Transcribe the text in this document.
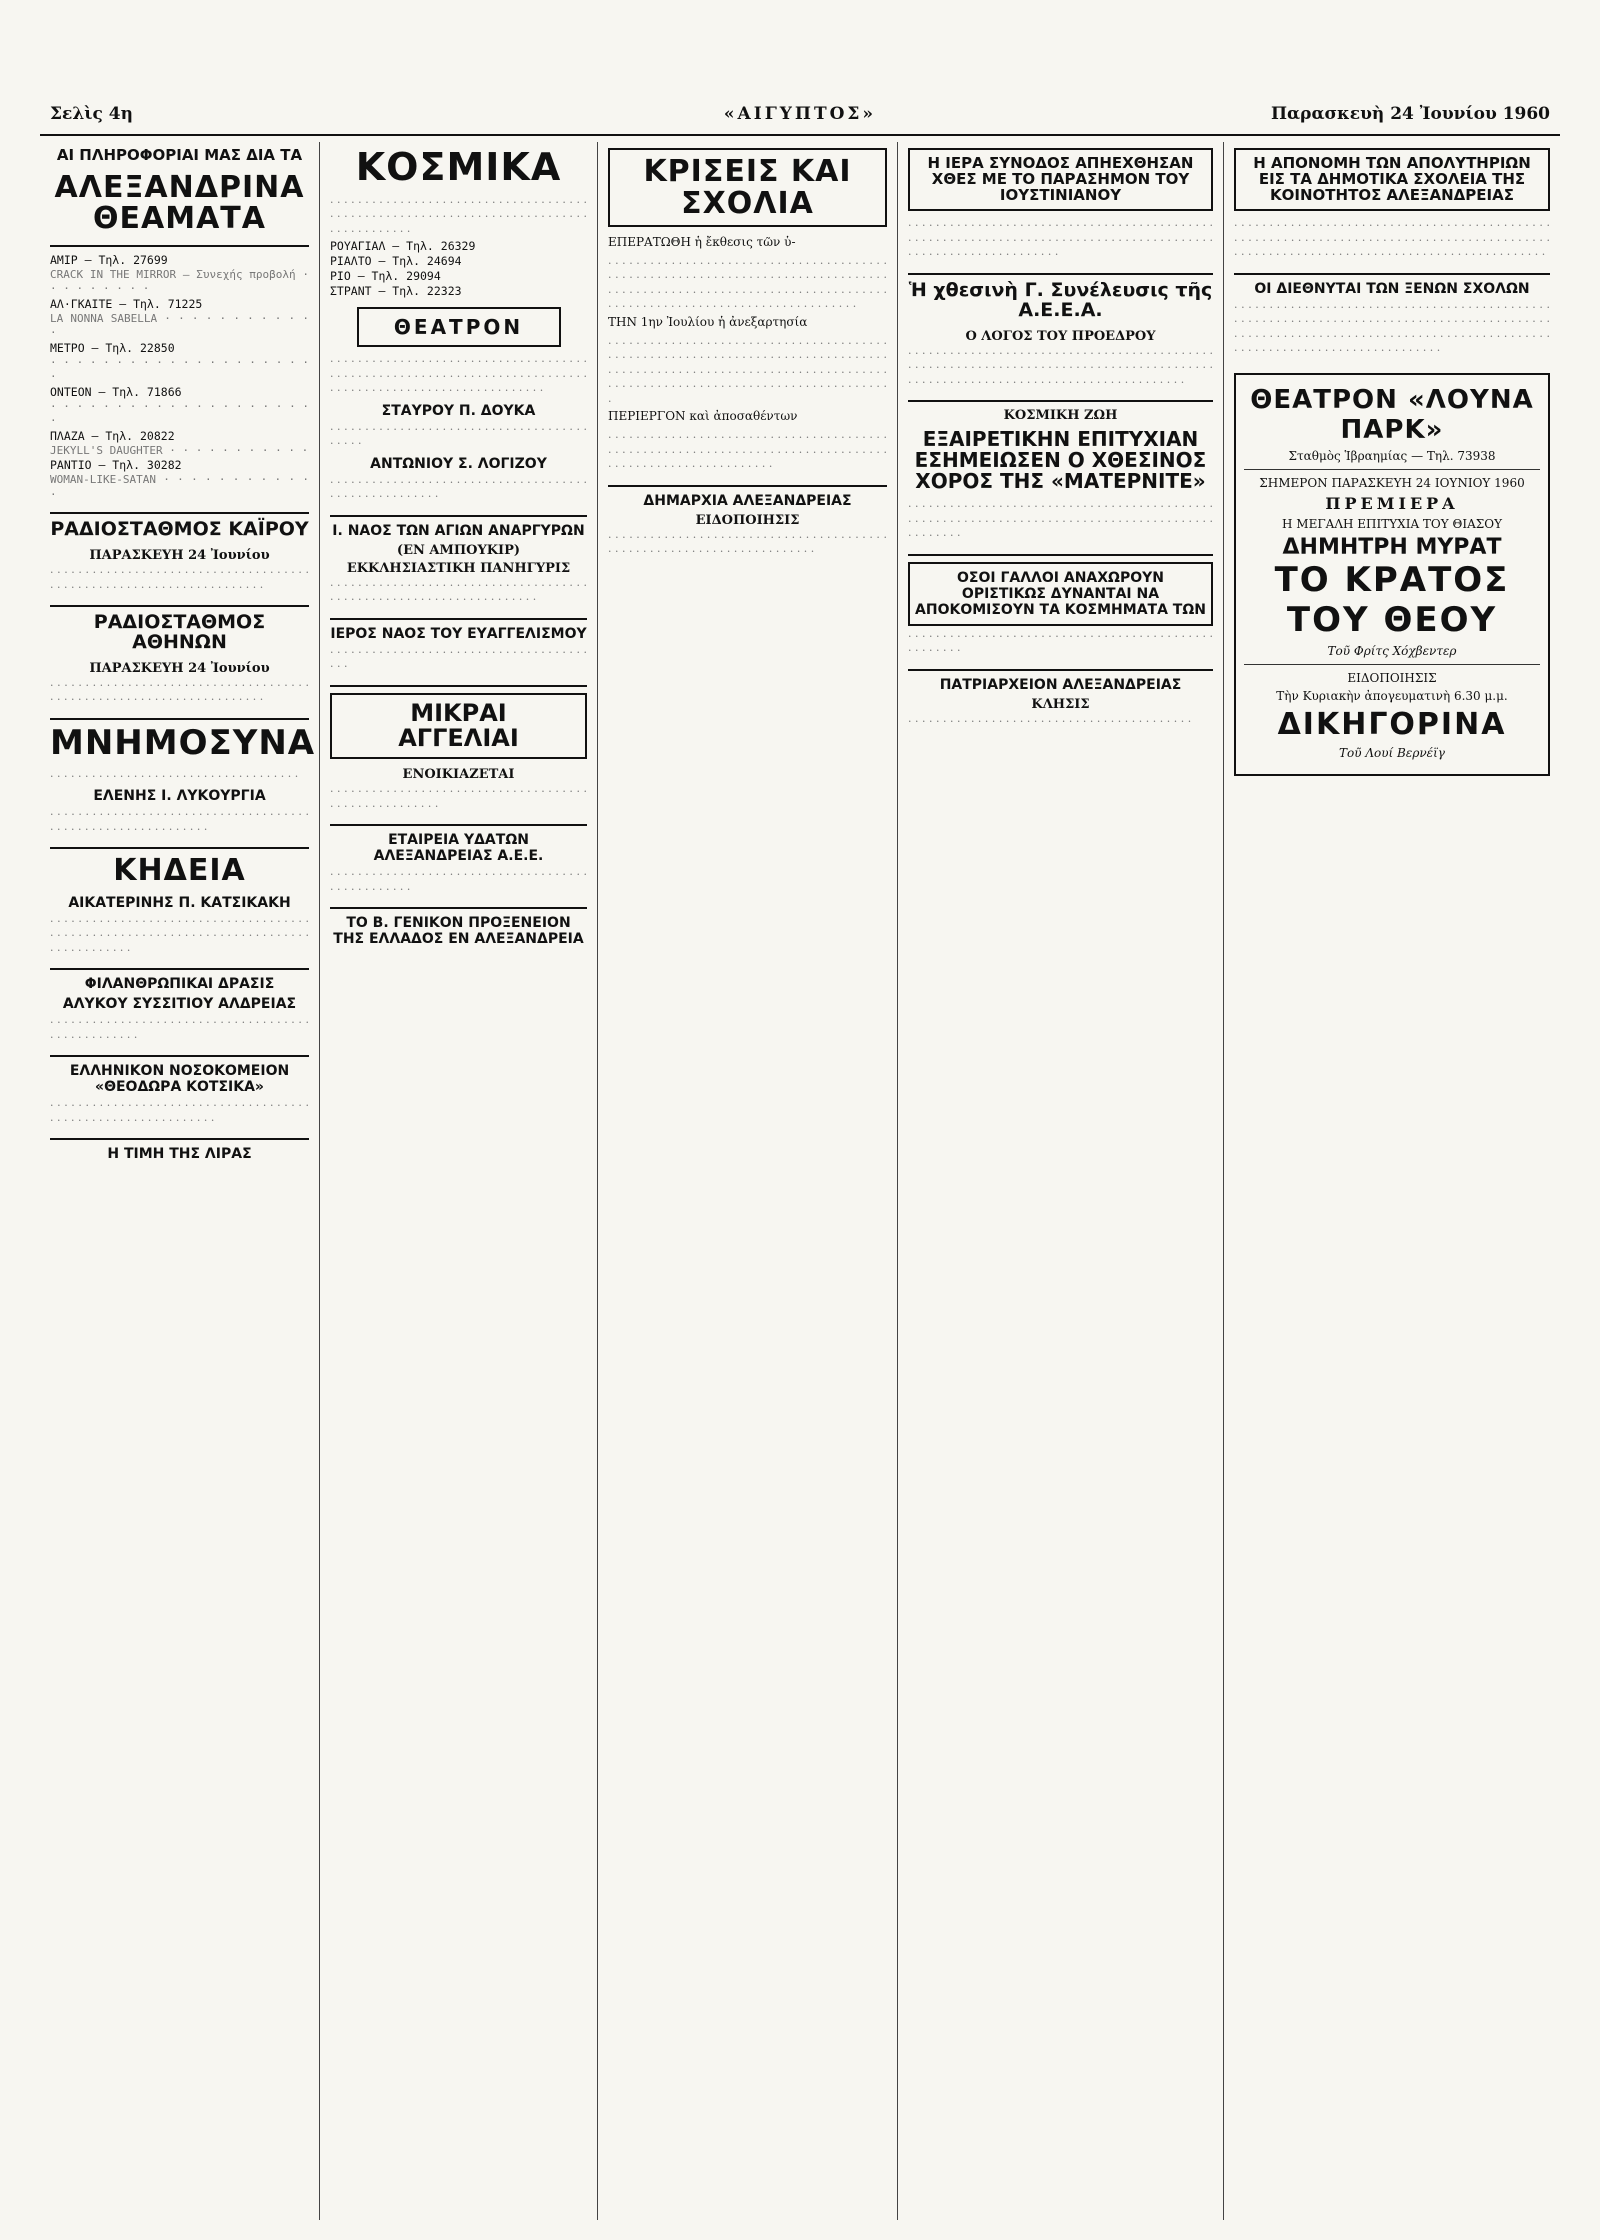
Σελὶς 4η	«ΑΙΓΥΠΤΟΣ»	Παρασκευὴ 24 Ἰουνίου 1960
ΑΙ ΠΛΗΡΟΦΟΡΙΑΙ ΜΑΣ ΔΙΑ ΤΑ
ΑΛΕΞΑΝΔΡΙΝΑ ΘΕΑΜΑΤΑ
ΑΜΙΡ — Τηλ. 27699
CRACK IN THE MIRROR — Συνεχής προβολή · · · · · · · · ·
ΑΛ·ΓΚΑΙΤΕ — Τηλ. 71225
LA NONNA SABELLA · · · · · · · · · · · ·
ΜΕΤΡΟ — Τηλ. 22850
· · · · · · · · · · · · · · · · · · · · ·
ΟΝΤΕΟΝ — Τηλ. 71866
· · · · · · · · · · · · · · · · · · · · ·
ΠΛΑΖΑ — Τηλ. 20822
JEKYLL'S DAUGHTER · · · · · · · · · · ·
ΡΑΝΤΙΟ — Τηλ. 30282
WOMAN-LIKE-SATAN · · · · · · · · · · · ·
ΡΑΔΙΟΣΤΑΘΜΟΣ ΚΑΪΡΟΥ
ΠΑΡΑΣΚΕΥΗ 24 Ἰουνίου
· · · · · · · · · · · · · · · · · · · · · · · · · · · · · · · · · · · · · · · · · · · · · · · · · · · · · · · · · · · · · · · · · · · ·
ΡΑΔΙΟΣΤΑΘΜΟΣ ΑΘΗΝΩΝ
ΠΑΡΑΣΚΕΥΗ 24 Ἰουνίου
· · · · · · · · · · · · · · · · · · · · · · · · · · · · · · · · · · · · · · · · · · · · · · · · · · · · · · · · · · · · · · · · · · · ·
ΜΝΗΜΟΣΥΝΑ
· · · · · · · · · · · · · · · · · · · · · · · · · · · · · · · · · · · ·
ΕΛΕΝΗΣ Ι. ΛΥΚΟΥΡΓΙΑ
· · · · · · · · · · · · · · · · · · · · · · · · · · · · · · · · · · · · · · · · · · · · · · · · · · · · · · · · · · · ·
ΚΗΔΕΙΑ
ΑΙΚΑΤΕΡΙΝΗΣ Π. ΚΑΤΣΙΚΑΚΗ
· · · · · · · · · · · · · · · · · · · · · · · · · · · · · · · · · · · · · · · · · · · · · · · · · · · · · · · · · · · · · · · · · · · · · · · · · · · · · · · · · · · · · ·
ΦΙΛΑΝΘΡΩΠΙΚΑΙ ΔΡΑΣΙΣ
ΑΛΥΚΟΥ ΣΥΣΣΙΤΙΟΥ ΑΛΔΡΕΙΑΣ
· · · · · · · · · · · · · · · · · · · · · · · · · · · · · · · · · · · · · · · · · · · · · · · · · ·
ΕΛΛΗΝΙΚΟΝ ΝΟΣΟΚΟΜΕΙΟΝ «ΘΕΟΔΩΡΑ ΚΟΤΣΙΚΑ»
· · · · · · · · · · · · · · · · · · · · · · · · · · · · · · · · · · · · · · · · · · · · · · · · · · · · · · · · · · · · ·
Η ΤΙΜΗ ΤΗΣ ΛΙΡΑΣ
ΚΟΣΜΙΚΑ
· · · · · · · · · · · · · · · · · · · · · · · · · · · · · · · · · · · · · · · · · · · · · · · · · · · · · · · · · · · · · · · · · · · · · · · · · · · · · · · · · · · · · ·
ΡΟΥΑΓΙΑΛ — Τηλ. 26329
ΡΙΑΛΤΟ — Τηλ. 24694
ΡΙΟ — Τηλ. 29094
ΣΤΡΑΝΤ — Τηλ. 22323
ΘΕΑΤΡΟΝ
· · · · · · · · · · · · · · · · · · · · · · · · · · · · · · · · · · · · · · · · · · · · · · · · · · · · · · · · · · · · · · · · · · · · · · · · · · · · · · · · · · · · · · · · · · · · · · · · · · · · · · · · ·
ΣΤΑΥΡΟΥ Π. ΔΟΥΚΑ
· · · · · · · · · · · · · · · · · · · · · · · · · · · · · · · · · · · · · · · · · ·
ΑΝΤΩΝΙΟΥ Σ. ΛΟΓΙΖΟΥ
· · · · · · · · · · · · · · · · · · · · · · · · · · · · · · · · · · · · · · · · · · · · · · · · · · · · ·
Ι. ΝΑΟΣ ΤΩΝ ΑΓΙΩΝ ΑΝΑΡΓΥΡΩΝ
(ΕΝ ΑΜΠΟΥΚΙΡ)
ΕΚΚΛΗΣΙΑΣΤΙΚΗ ΠΑΝΗΓΥΡΙΣ
· · · · · · · · · · · · · · · · · · · · · · · · · · · · · · · · · · · · · · · · · · · · · · · · · · · · · · · · · · · · · · · · · · ·
ΙΕΡΟΣ ΝΑΟΣ ΤΟΥ ΕΥΑΓΓΕΛΙΣΜΟΥ
· · · · · · · · · · · · · · · · · · · · · · · · · · · · · · · · · · · · · · · ·
ΜΙΚΡΑΙ
ΑΓΓΕΛΙΑΙ
ΕΝΟΙΚΙΑΖΕΤΑΙ
· · · · · · · · · · · · · · · · · · · · · · · · · · · · · · · · · · · · · · · · · · · · · · · · · · · · ·
ΕΤΑΙΡΕΙΑ ΥΔΑΤΩΝ ΑΛΕΞΑΝΔΡΕΙΑΣ Α.Ε.Ε.
· · · · · · · · · · · · · · · · · · · · · · · · · · · · · · · · · · · · · · · · · · · · · · · · ·
ΤΟ Β. ΓΕΝΙΚΟΝ ΠΡΟΞΕΝΕΙΟΝ ΤΗΣ ΕΛΛΑΔΟΣ ΕΝ ΑΛΕΞΑΝΔΡΕΙΑ
ΚΡΙΣΕΙΣ ΚΑΙ ΣΧΟΛΙΑ
ΕΠΕΡΑΤΩΘΗ ἡ ἔκθεσις τῶν ὑ-
· · · · · · · · · · · · · · · · · · · · · · · · · · · · · · · · · · · · · · · · · · · · · · · · · · · · · · · · · · · · · · · · · · · · · · · · · · · · · · · · · · · · · · · · · · · · · · · · · · · · · · · · · · · · · · · · · · · · · · · · · · · · · · · · · · · · · · · · · · · · · · · · · · · · · · · · · · · ·
ΤΗΝ 1ην Ἰουλίου ἡ ἀνεξαρτησία
· · · · · · · · · · · · · · · · · · · · · · · · · · · · · · · · · · · · · · · · · · · · · · · · · · · · · · · · · · · · · · · · · · · · · · · · · · · · · · · · · · · · · · · · · · · · · · · · · · · · · · · · · · · · · · · · · · · · · · · · · · · · · · · · · · · · · · · · · · · · · · · · · · · · · · · · · · · · · · · · ·
ΠΕΡΙΕΡΓΟΝ καὶ ἀποσαθέντων
· · · · · · · · · · · · · · · · · · · · · · · · · · · · · · · · · · · · · · · · · · · · · · · · · · · · · · · · · · · · · · · · · · · · · · · · · · · · · · · · · · · · · · · · · · · · · · · · · · · · · · · ·
ΔΗΜΑΡΧΙΑ ΑΛΕΞΑΝΔΡΕΙΑΣ
ΕΙΔΟΠΟΙΗΣΙΣ
· · · · · · · · · · · · · · · · · · · · · · · · · · · · · · · · · · · · · · · · · · · · · · · · · · · · · · · · · · · · · · · · · · · · · ·
Η ΙΕΡΑ ΣΥΝΟΔΟΣ ΑΠΗΕΧΘΗΣΑΝ ΧΘΕΣ ΜΕ ΤΟ ΠΑΡΑΣΗΜΟΝ ΤΟΥ ΙΟΥΣΤΙΝΙΑΝΟΥ
· · · · · · · · · · · · · · · · · · · · · · · · · · · · · · · · · · · · · · · · · · · · · · · · · · · · · · · · · · · · · · · · · · · · · · · · · · · · · · · · · · · · · · · · · · · · · · · · · · · · · · · · · · · · · ·
Ἡ χθεσινὴ Γ. Συνέλευσις τῆς Α.Ε.Ε.Α.
Ο ΛΟΓΟΣ ΤΟΥ ΠΡΟΕΔΡΟΥ
· · · · · · · · · · · · · · · · · · · · · · · · · · · · · · · · · · · · · · · · · · · · · · · · · · · · · · · · · · · · · · · · · · · · · · · · · · · · · · · · · · · · · · · · · · · · · · · · · · · · · · · · · · · · · · · · · · · · · · · · · · · · · · · ·
ΚΟΣΜΙΚΗ ΖΩΗ
ΕΞΑΙΡΕΤΙΚΗΝ ΕΠΙΤΥΧΙΑΝ ΕΣΗΜΕΙΩΣΕΝ Ο ΧΘΕΣΙΝΟΣ ΧΟΡΟΣ ΤΗΣ «ΜΑΤΕΡΝΙΤΕ»
· · · · · · · · · · · · · · · · · · · · · · · · · · · · · · · · · · · · · · · · · · · · · · · · · · · · · · · · · · · · · · · · · · · · · · · · · · · · · · · · · · · · · · · · · · · · · · · ·
ΟΣΟΙ ΓΑΛΛΟΙ ΑΝΑΧΩΡΟΥΝ ΟΡΙΣΤΙΚΩΣ ΔΥΝΑΝΤΑΙ ΝΑ ΑΠΟΚΟΜΙΣΟΥΝ ΤΑ ΚΟΣΜΗΜΑΤΑ ΤΩΝ
· · · · · · · · · · · · · · · · · · · · · · · · · · · · · · · · · · · · · · · · · · · · · · · · · · · ·
ΠΑΤΡΙΑΡΧΕΙΟΝ ΑΛΕΞΑΝΔΡΕΙΑΣ
ΚΛΗΣΙΣ
· · · · · · · · · · · · · · · · · · · · · · · · · · · · · · · · · · · · · · · · ·
Η ΑΠΟΝΟΜΗ ΤΩΝ ΑΠΟΛΥΤΗΡΙΩΝ ΕΙΣ ΤΑ ΔΗΜΟΤΙΚΑ ΣΧΟΛΕΙΑ ΤΗΣ ΚΟΙΝΟΤΗΤΟΣ ΑΛΕΞΑΝΔΡΕΙΑΣ
· · · · · · · · · · · · · · · · · · · · · · · · · · · · · · · · · · · · · · · · · · · · · · · · · · · · · · · · · · · · · · · · · · · · · · · · · · · · · · · · · · · · · · · · · · · · · · · · · · · · · · · · · · · · · · · · · · · · · · · · · · · · · · · · · · · · · · ·
ΟΙ ΔΙΕΘΝΥΤΑΙ ΤΩΝ ΞΕΝΩΝ ΣΧΟΛΩΝ
· · · · · · · · · · · · · · · · · · · · · · · · · · · · · · · · · · · · · · · · · · · · · · · · · · · · · · · · · · · · · · · · · · · · · · · · · · · · · · · · · · · · · · · · · · · · · · · · · · · · · · · · · · · · · · · · · · · · · · · · · · · · · · · · · · · · · · · · · · · · · · · · · · · · · · · · · · · · · · · · · · · · ·
ΘΕΑΤΡΟΝ «ΛΟΥΝΑ ΠΑΡΚ»
Σταθμὸς Ἱβραημίας — Τηλ. 73938
ΣΗΜΕΡΟΝ ΠΑΡΑΣΚΕΥΗ 24 ΙΟΥΝΙΟΥ 1960
ΠΡΕΜΙΕΡΑ
Η ΜΕΓΑΛΗ ΕΠΙΤΥΧΙΑ ΤΟΥ ΘΙΑΣΟΥ
ΔΗΜΗΤΡΗ ΜΥΡΑΤ
ΤΟ ΚΡΑΤΟΣ ΤΟΥ ΘΕΟΥ
Τοῦ Φρίτς Χόχβεντερ
ΕΙΔΟΠΟΙΗΣΙΣ
Τὴν Κυριακὴν ἀπογευματινὴ 6.30 μ.μ.
ΔΙΚΗΓΟΡΙΝΑ
Τοῦ Λουί Βερνέϊγ
